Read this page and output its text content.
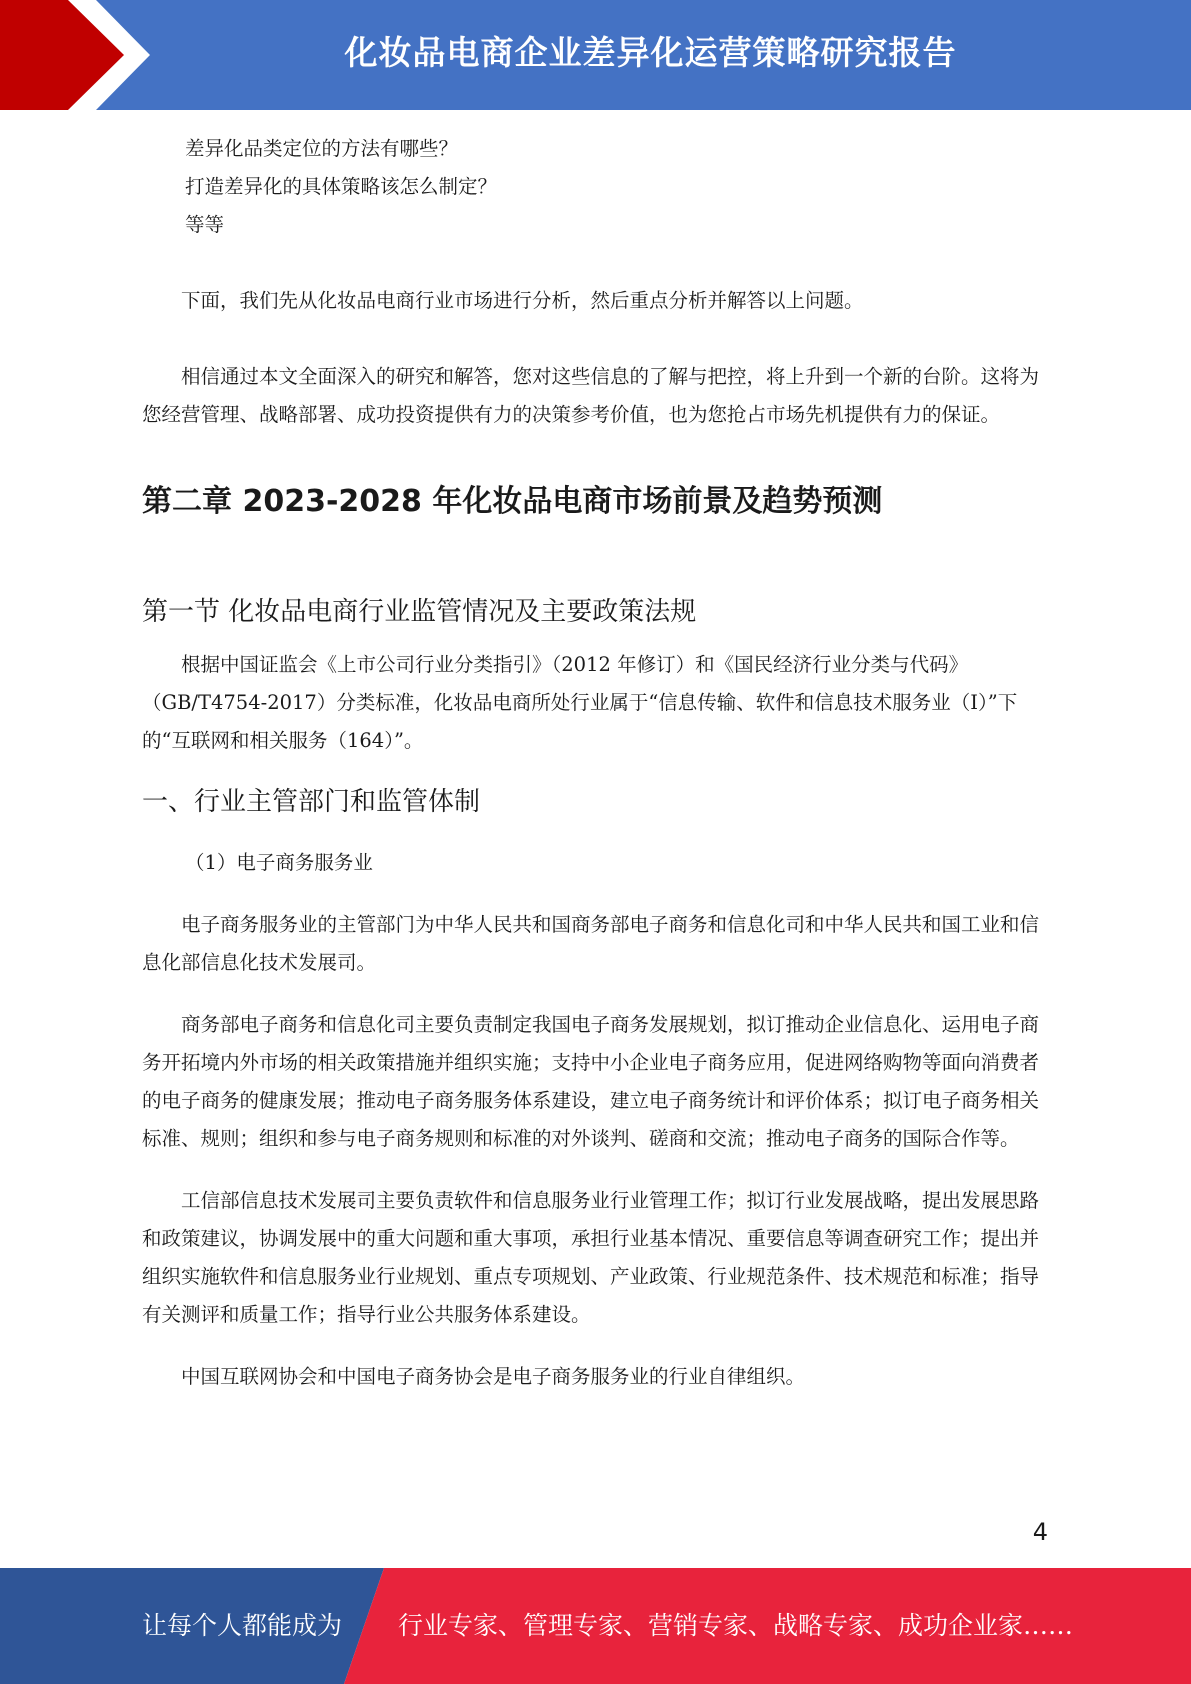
化妆品电商企业差异化运营策略研究报告

差异化品类定位的方法有哪些？

打造差异化的具体策略该怎么制定？

等等

下面，我们先从化妆品电商行业市场进行分析，然后重点分析并解答以上问题。

相信通过本文全面深入的研究和解答，您对这些信息的了解与把控，将上升到一个新的台阶。这将为您经营管理、战略部署、成功投资提供有力的决策参考价值，也为您抢占市场先机提供有力的保证。

第二章 2023-2028 年化妆品电商市场前景及趋势预测
第一节 化妆品电商行业监管情况及主要政策法规

根据中国证监会《上市公司行业分类指引》（2012 年修订）和《国民经济行业分类与代码》（GB/T4754-2017）分类标准，化妆品电商所处行业属于“信息传输、软件和信息技术服务业（I）”下的“互联网和相关服务（164）”。

一、行业主管部门和监管体制

（1）电子商务服务业

电子商务服务业的主管部门为中华人民共和国商务部电子商务和信息化司和中华人民共和国工业和信息化部信息化技术发展司。

商务部电子商务和信息化司主要负责制定我国电子商务发展规划，拟订推动企业信息化、运用电子商务开拓境内外市场的相关政策措施并组织实施；支持中小企业电子商务应用，促进网络购物等面向消费者的电子商务的健康发展；推动电子商务服务体系建设，建立电子商务统计和评价体系；拟订电子商务相关标准、规则；组织和参与电子商务规则和标准的对外谈判、磋商和交流；推动电子商务的国际合作等。

工信部信息技术发展司主要负责软件和信息服务业行业管理工作；拟订行业发展战略，提出发展思路和政策建议，协调发展中的重大问题和重大事项，承担行业基本情况、重要信息等调查研究工作；提出并组织实施软件和信息服务业行业规划、重点专项规划、产业政策、行业规范条件、技术规范和标准；指导有关测评和质量工作；指导行业公共服务体系建设。

中国互联网协会和中国电子商务协会是电子商务服务业的行业自律组织。

4
让每个人都能成为 行业专家、管理专家、营销专家、战略专家、成功企业家……
